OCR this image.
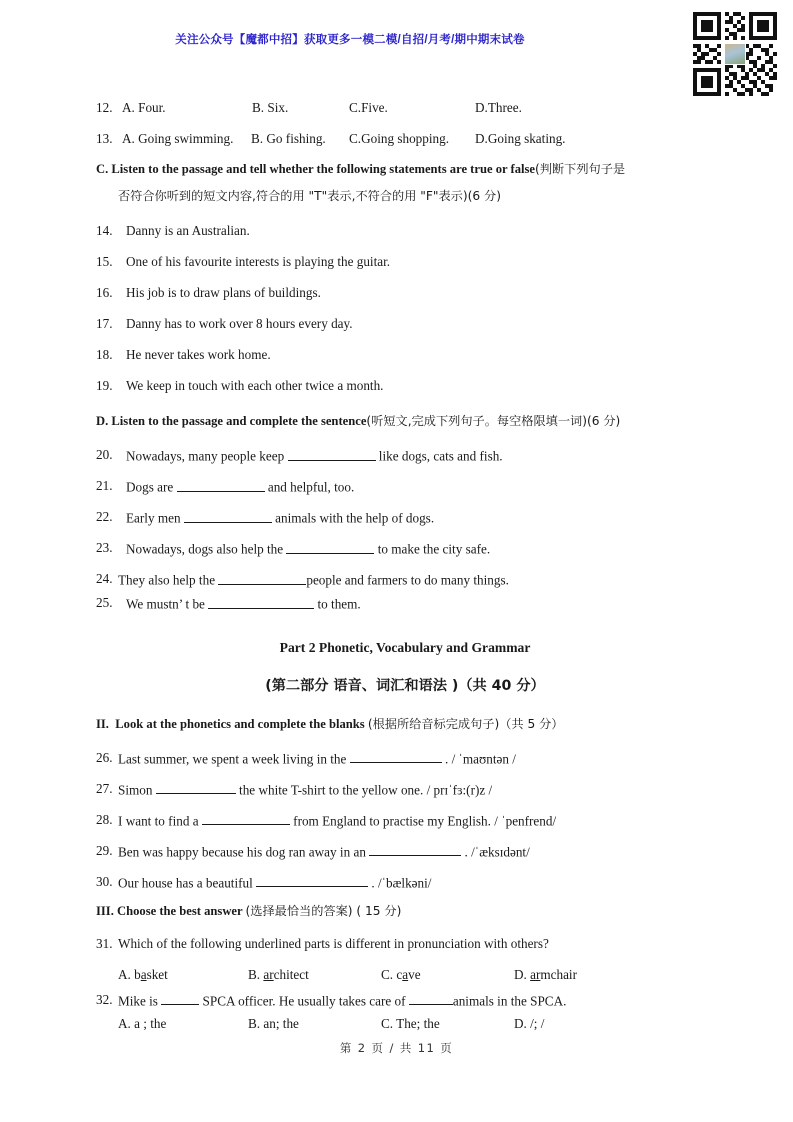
关注公众号【魔都中招】获取更多一模二模/自招/月考/期中期末试卷
12. A. Four.	B. Six.	C.Five.	D.Three.
13. A. Going swimming. B. Go fishing. C.Going shopping. D.Going skating.
C. Listen to the passage and tell whether the following statements are true or false(判断下列句子是
否符合你听到的短文内容,符合的用 "T"表示,不符合的用 "F"表示)(6 分)
14.	Danny is an Australian.
15.	One of his favourite interests is playing the guitar.
16.	His job is to draw plans of buildings.
17.	Danny has to work over 8 hours every day.
18.	He never takes work home.
19.	We keep in touch with each other twice a month.
D. Listen to the passage and complete the sentence(听短文,完成下列句子。每空格限填一词)(6 分)
20.	Nowadays, many people keep	like dogs, cats and fish.
21.	Dogs are	and helpful, too.
22.	Early men	animals with the help of dogs.
23.	Nowadays, dogs also help the	to make the city safe.
24. They also help the	people and farmers to do many things.
25.	We mustn’ t be	to them.
Part 2 Phonetic, Vocabulary and Grammar
(第二部分 语音、词汇和语法 )（共 40 分）
II. Look at the phonetics and complete the blanks (根据所给音标完成句子)（共 5 分）
26. Last summer, we spent a week living in the	. / ˈmaʊntən /
27. Simon	the white T-shirt to the yellow one. / prɪˈfɜ:(r)z /
28. I want to find a	from England to practise my English. / ˈpenfrend/
29. Ben was happy because his dog ran away in an	. /ˈæksɪdənt/
30. Our house has a beautiful	. /ˈbælkəni/
III. Choose the best answer (选择最恰当的答案) ( 15 分)
31. Which of the following underlined parts is different in pronunciation with others?
A. basket	B. architect	C. cave	D. armchair
32. Mike is	SPCA officer. He usually takes care of	animals in the SPCA.
A. a ; the	B. an; the	C. The; the	D. /; /
第 2 页 / 共 11 页
